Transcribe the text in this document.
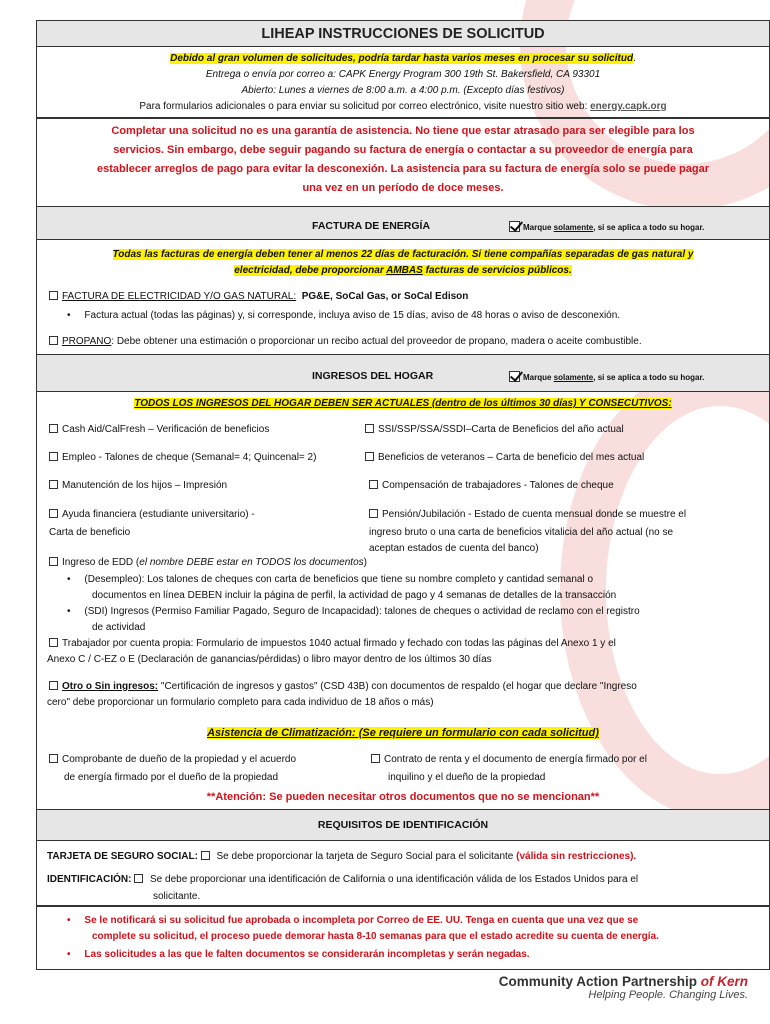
LIHEAP INSTRUCCIONES DE SOLICITUD
Debido al gran volumen de solicitudes, podría tardar hasta varios meses en procesar su solicitud.
Entrega o envía por correo a: CAPK Energy Program 300 19th St. Bakersfield, CA 93301
Abierto: Lunes a viernes de 8:00 a.m. a 4:00 p.m. (Excepto días festivos)
Para formularios adicionales o para enviar su solicitud por correo electrónico, visite nuestro sitio web: energy.capk.org
Completar una solicitud no es una garantía de asistencia. No tiene que estar atrasado para ser elegible para los
servicios. Sin embargo, debe seguir pagando su factura de energía o contactar a su proveedor de energía para
establecer arreglos de pago para evitar la desconexión. La asistencia para su factura de energía solo se puede pagar
una vez en un período de doce meses.
FACTURA DE ENERGÍA	Marque solamente, si se aplica a todo su hogar.
Todas las facturas de energía deben tener al menos 22 días de facturación. Si tiene compañías separadas de gas natural y
electricidad, debe proporcionar AMBAS facturas de servicios públicos.
FACTURA DE ELECTRICIDAD Y/O GAS NATURAL: PG&E, SoCal Gas, or SoCal Edison
•     Factura actual (todas las páginas) y, si corresponde, incluya aviso de 15 días, aviso de 48 horas o aviso de desconexión.
PROPANO: Debe obtener una estimación o proporcionar un recibo actual del proveedor de propano, madera o aceite combustible.
INGRESOS DEL HOGAR	Marque solamente, si se aplica a todo su hogar.
TODOS LOS INGRESOS DEL HOGAR DEBEN SER ACTUALES (dentro de los últimos 30 días) Y CONSECUTIVOS:
Cash Aid/CalFresh – Verificación de beneficios
Empleo - Talones de cheque (Semanal= 4; Quincenal= 2)
Manutención de los hijos – Impresión
Ayuda financiera (estudiante universitario) -
Carta de beneficio
SSI/SSP/SSA/SSDI–Carta de Beneficios del año actual
Beneficios de veteranos – Carta de beneficio del mes actual
Compensación de trabajadores - Talones de cheque
Pensión/Jubilación - Estado de cuenta mensual donde se muestre el
ingreso bruto o una carta de beneficios vitalicia del año actual (no se
aceptan estados de cuenta del banco)
Ingreso de EDD (el nombre DEBE estar en TODOS los documentos)
•     (Desempleo): Los talones de cheques con carta de beneficios que tiene su nombre completo y cantidad semanal o
documentos en línea DEBEN incluir la página de perfil, la actividad de pago y 4 semanas de detalles de la transacción
•     (SDI) Ingresos (Permiso Familiar Pagado, Seguro de Incapacidad): talones de cheques o actividad de reclamo con el registro
de actividad
Trabajador por cuenta propia: Formulario de impuestos 1040 actual firmado y fechado con todas las páginas del Anexo 1 y el
Anexo C / C-EZ o E (Declaración de ganancias/pérdidas) o libro mayor dentro de los últimos 30 días
Otro o Sin ingresos: "Certificación de ingresos y gastos" (CSD 43B) con documentos de respaldo (el hogar que declare "Ingreso
cero" debe proporcionar un formulario completo para cada individuo de 18 años o más)
Asistencia de Climatización: (Se requiere un formulario con cada solicitud)
Comprobante de dueño de la propiedad y el acuerdo
de energía firmado por el dueño de la propiedad
Contrato de renta y el documento de energía firmado por el
inquilino y el dueño de la propiedad
**Atención: Se pueden necesitar otros documentos que no se mencionan**
REQUISITOS DE IDENTIFICACIÓN
TARJETA DE SEGURO SOCIAL:  Se debe proporcionar la tarjeta de Seguro Social para el solicitante (válida sin restricciones).
IDENTIFICACIÓN:  Se debe proporcionar una identificación de California o una identificación válida de los Estados Unidos para el
solicitante.
•     Se le notificará si su solicitud fue aprobada o incompleta por Correo de EE. UU. Tenga en cuenta que una vez que se
complete su solicitud, el proceso puede demorar hasta 8-10 semanas para que el estado acredite su cuenta de energía.
•     Las solicitudes a las que le falten documentos se considerarán incompletas y serán negadas.
Community Action Partnership of Kern
Helping People. Changing Lives.
